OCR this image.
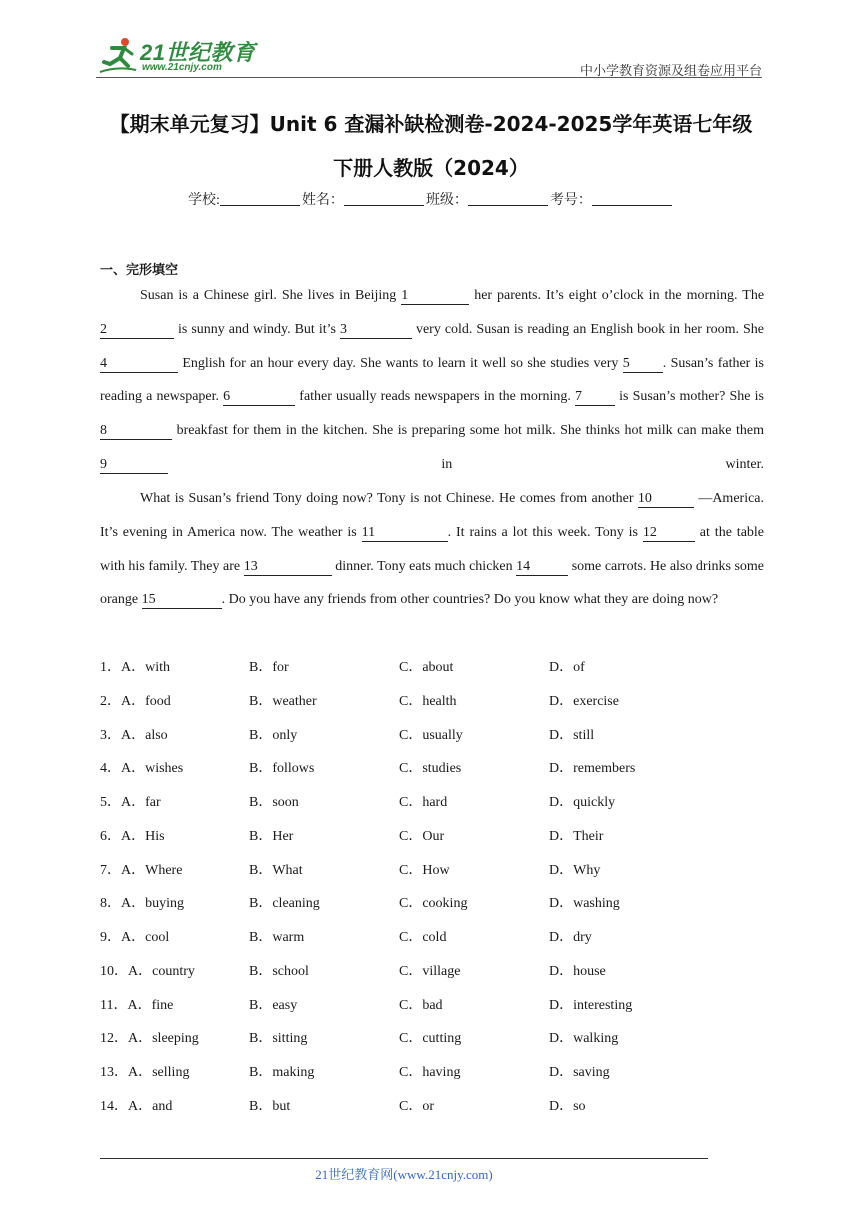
21世纪教育
www.21cnjy.com	中小学教育资源及组卷应用平台
【期末单元复习】Unit 6 查漏补缺检测卷-2024-2025学年英语七年级
下册人教版（2024）
学校:	姓名：	班级：	考号：
一、完形填空
Susan is a Chinese girl. She lives in Beijing 1	her parents. It’s eight o’clock in the morning. The 2	is sunny and windy. But it’s 3	very cold. Susan is reading an English book in her room. She 4	English for an hour every day. She wants to learn it well so she studies very 5 . Susan’s father is reading a newspaper. 6	father usually reads newspapers in the morning. 7	is Susan’s mother? She is 8	breakfast for them in the kitchen. She is preparing some hot milk. She thinks hot milk can make them 9	in winter.
What is Susan’s friend Tony doing now? Tony is not Chinese. He comes from another 10	—America. It’s evening in America now. The weather is 11	. It rains a lot this week. Tony is 12	at the table with his family. They are 13	dinner. Tony eats much chicken 14	some carrots. He also drinks some orange 15	. Do you have any friends from other countries? Do you know what they are doing now?
1．A．with	B．for	C．about	D．of
2．A．food	B．weather	C．health	D．exercise
3．A．also	B．only	C．usually	D．still
4．A．wishes	B．follows	C．studies	D．remembers
5．A．far	B．soon	C．hard	D．quickly
6．A．His	B．Her	C．Our	D．Their
7．A．Where	B．What	C．How	D．Why
8．A．buying	B．cleaning	C．cooking	D．washing
9．A．cool	B．warm	C．cold	D．dry
10．A．country	B．school	C．village	D．house
11．A．fine	B．easy	C．bad	D．interesting
12．A．sleeping	B．sitting	C．cutting	D．walking
13．A．selling	B．making	C．having	D．saving
14．A．and	B．but	C．or	D．so
21世纪教育网(www.21cnjy.com)
